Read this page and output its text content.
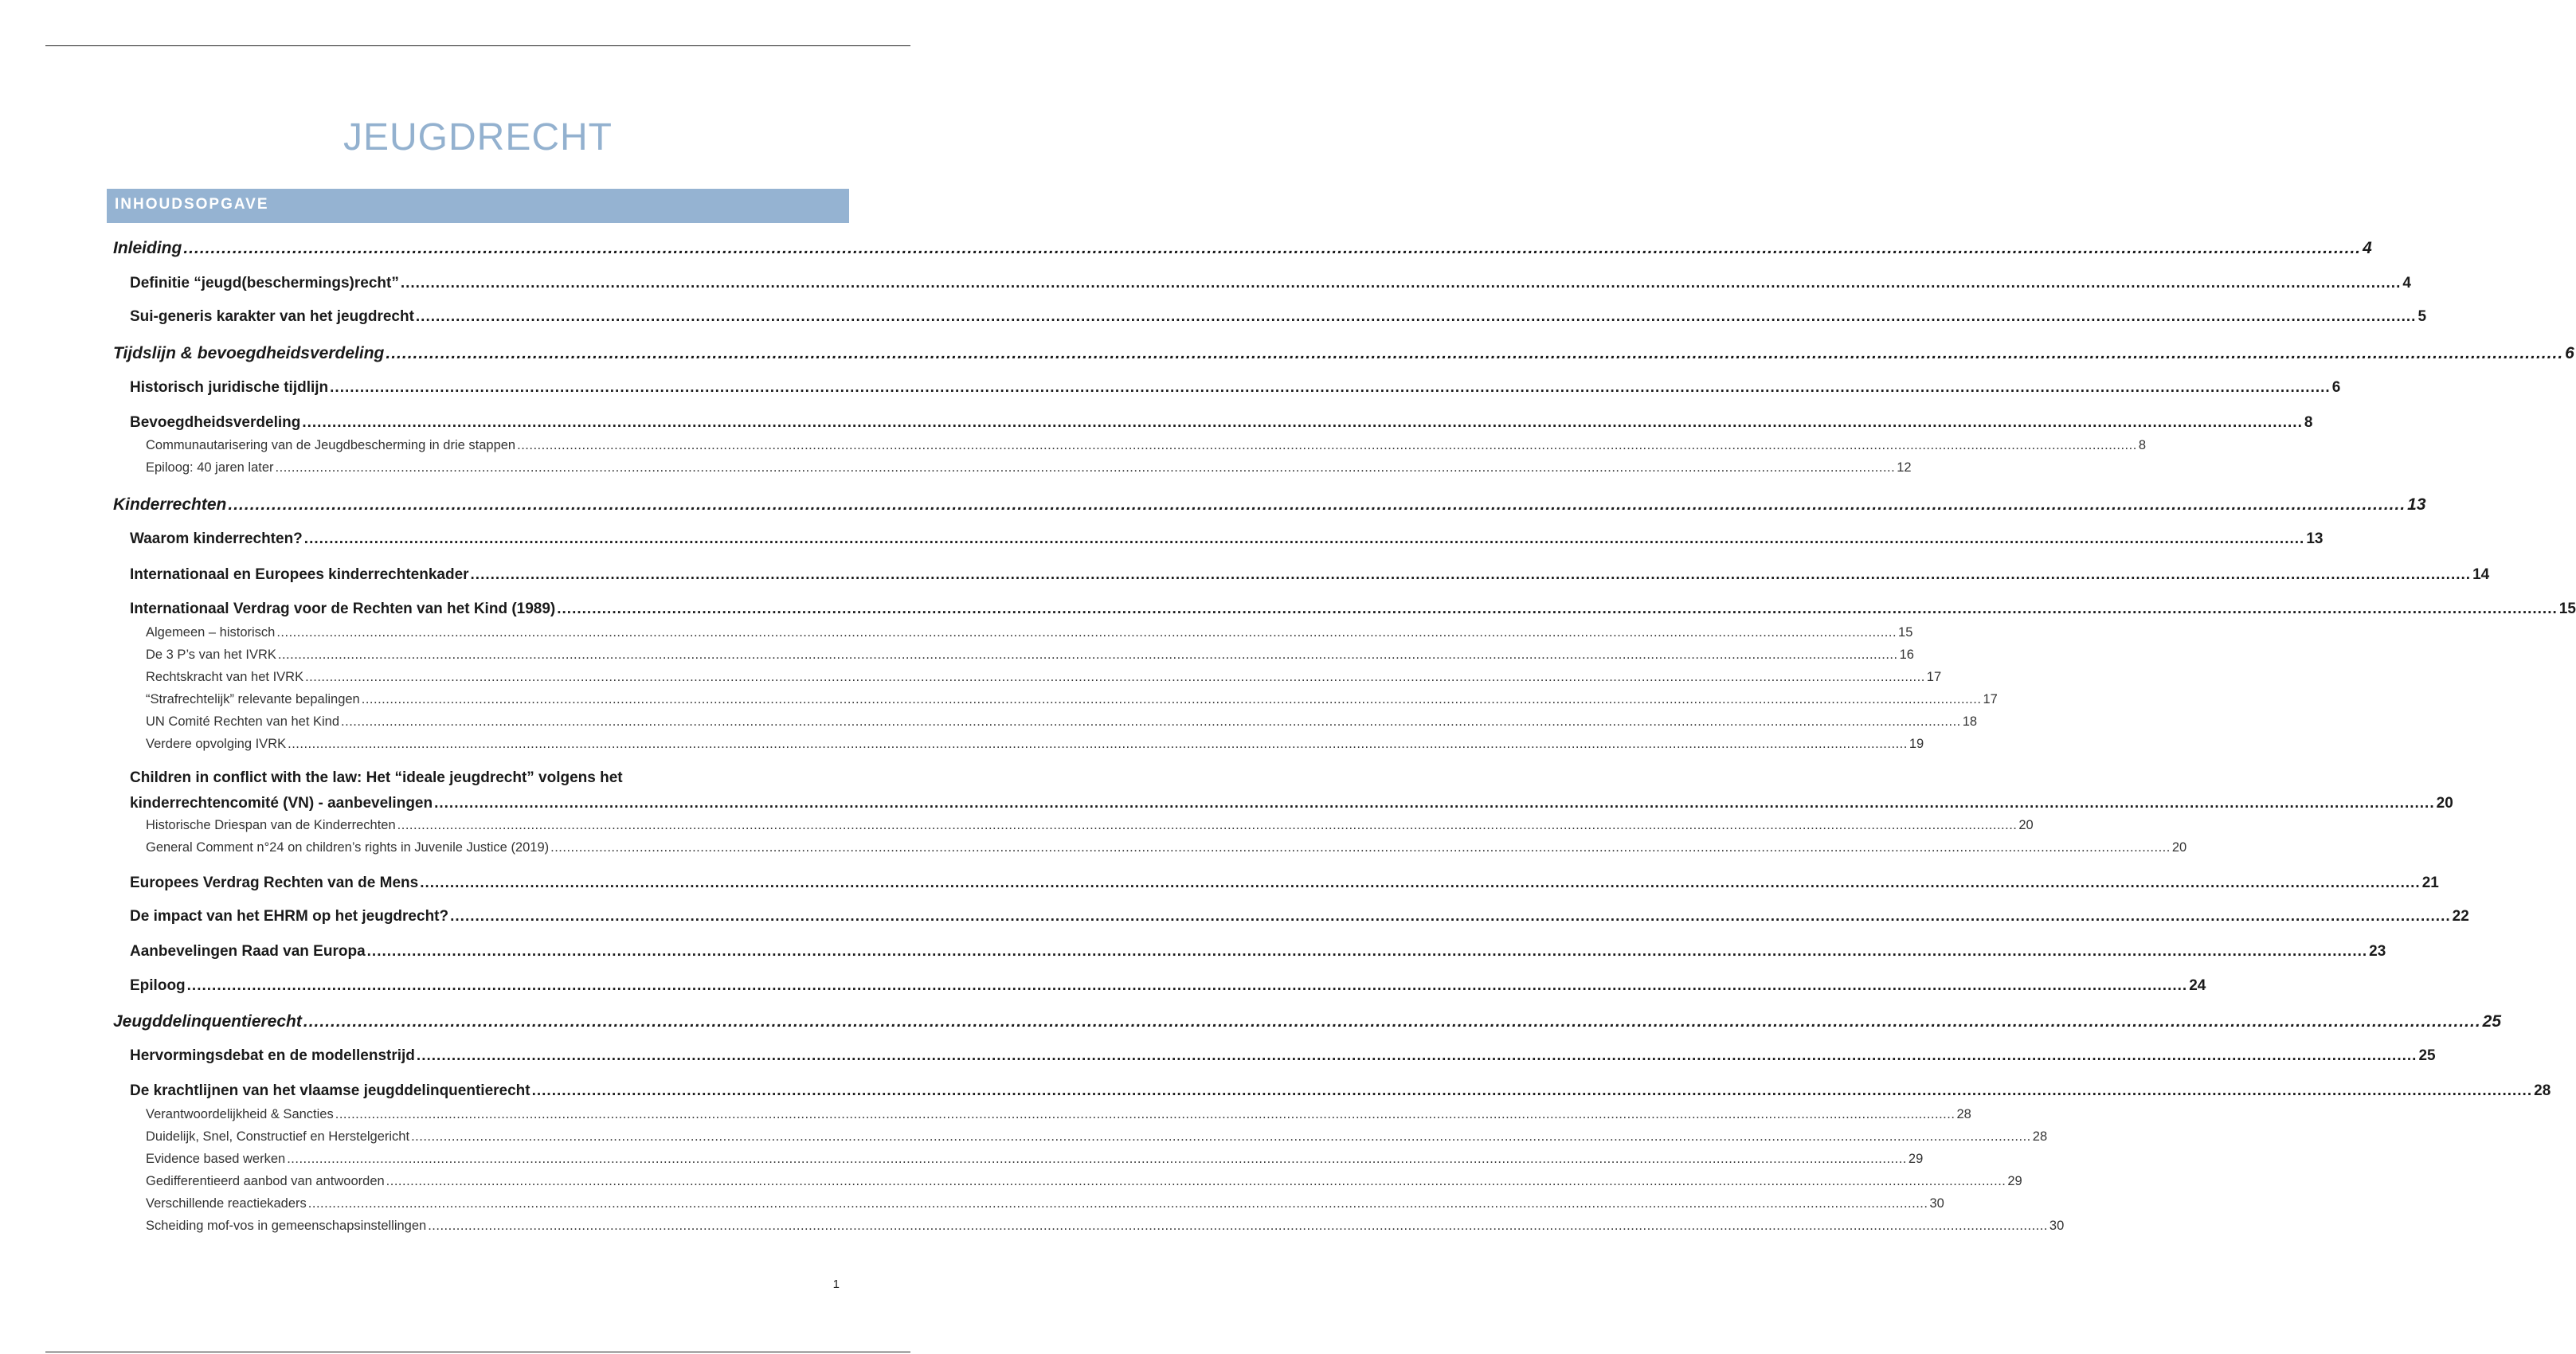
JEUGDRECHT
INHOUDSOPGAVE
1
Inleiding ................................................................................................................................................................................................................................................................................................................................................................................................................ 4
Definitie “jeugd(beschermings)recht” ................................................................................................................................................................................................................................................................................................................................................................................................................ 4
Sui-generis karakter van het jeugdrecht ................................................................................................................................................................................................................................................................................................................................................................................................................ 5
Tijdslijn & bevoegdheidsverdeling ................................................................................................................................................................................................................................................................................................................................................................................................................ 6
Historisch juridische tijdlijn ................................................................................................................................................................................................................................................................................................................................................................................................................ 6
Bevoegdheidsverdeling ................................................................................................................................................................................................................................................................................................................................................................................................................ 8
Communautarisering van de Jeugdbescherming in drie stappen ................................................................................................................................................................................................................................................................................................................................................................................................................ 8
Epiloog: 40 jaren later ................................................................................................................................................................................................................................................................................................................................................................................................................ 12
Kinderrechten ................................................................................................................................................................................................................................................................................................................................................................................................................ 13
Waarom kinderrechten? ................................................................................................................................................................................................................................................................................................................................................................................................................ 13
Internationaal en Europees kinderrechtenkader ................................................................................................................................................................................................................................................................................................................................................................................................................ 14
Internationaal Verdrag voor de Rechten van het Kind (1989) ................................................................................................................................................................................................................................................................................................................................................................................................................ 15
Algemeen – historisch ................................................................................................................................................................................................................................................................................................................................................................................................................ 15
De 3 P’s van het IVRK ................................................................................................................................................................................................................................................................................................................................................................................................................ 16
Rechtskracht van het IVRK ................................................................................................................................................................................................................................................................................................................................................................................................................ 17
“Strafrechtelijk” relevante bepalingen ................................................................................................................................................................................................................................................................................................................................................................................................................ 17
UN Comité Rechten van het Kind ................................................................................................................................................................................................................................................................................................................................................................................................................ 18
Verdere opvolging IVRK ................................................................................................................................................................................................................................................................................................................................................................................................................ 19
Children in conflict with the law: Het “ideale jeugdrecht” volgens het
kinderrechtencomité (VN) - aanbevelingen ................................................................................................................................................................................................................................................................................................................................................................................................................ 20
Historische Driespan van de Kinderrechten ................................................................................................................................................................................................................................................................................................................................................................................................................ 20
General Comment n°24 on children’s rights in Juvenile Justice (2019) ................................................................................................................................................................................................................................................................................................................................................................................................................ 20
Europees Verdrag Rechten van de Mens ................................................................................................................................................................................................................................................................................................................................................................................................................ 21
De impact van het EHRM op het jeugdrecht? ................................................................................................................................................................................................................................................................................................................................................................................................................ 22
Aanbevelingen Raad van Europa ................................................................................................................................................................................................................................................................................................................................................................................................................ 23
Epiloog ................................................................................................................................................................................................................................................................................................................................................................................................................ 24
Jeugddelinquentierecht ................................................................................................................................................................................................................................................................................................................................................................................................................ 25
Hervormingsdebat en de modellenstrijd ................................................................................................................................................................................................................................................................................................................................................................................................................ 25
De krachtlijnen van het vlaamse jeugddelinquentierecht ................................................................................................................................................................................................................................................................................................................................................................................................................ 28
Verantwoordelijkheid & Sancties ................................................................................................................................................................................................................................................................................................................................................................................................................ 28
Duidelijk, Snel, Constructief en Herstelgericht ................................................................................................................................................................................................................................................................................................................................................................................................................ 28
Evidence based werken ................................................................................................................................................................................................................................................................................................................................................................................................................ 29
Gedifferentieerd aanbod van antwoorden ................................................................................................................................................................................................................................................................................................................................................................................................................ 29
Verschillende reactiekaders ................................................................................................................................................................................................................................................................................................................................................................................................................ 30
Scheiding mof-vos in gemeenschapsinstellingen ................................................................................................................................................................................................................................................................................................................................................................................................................ 30
